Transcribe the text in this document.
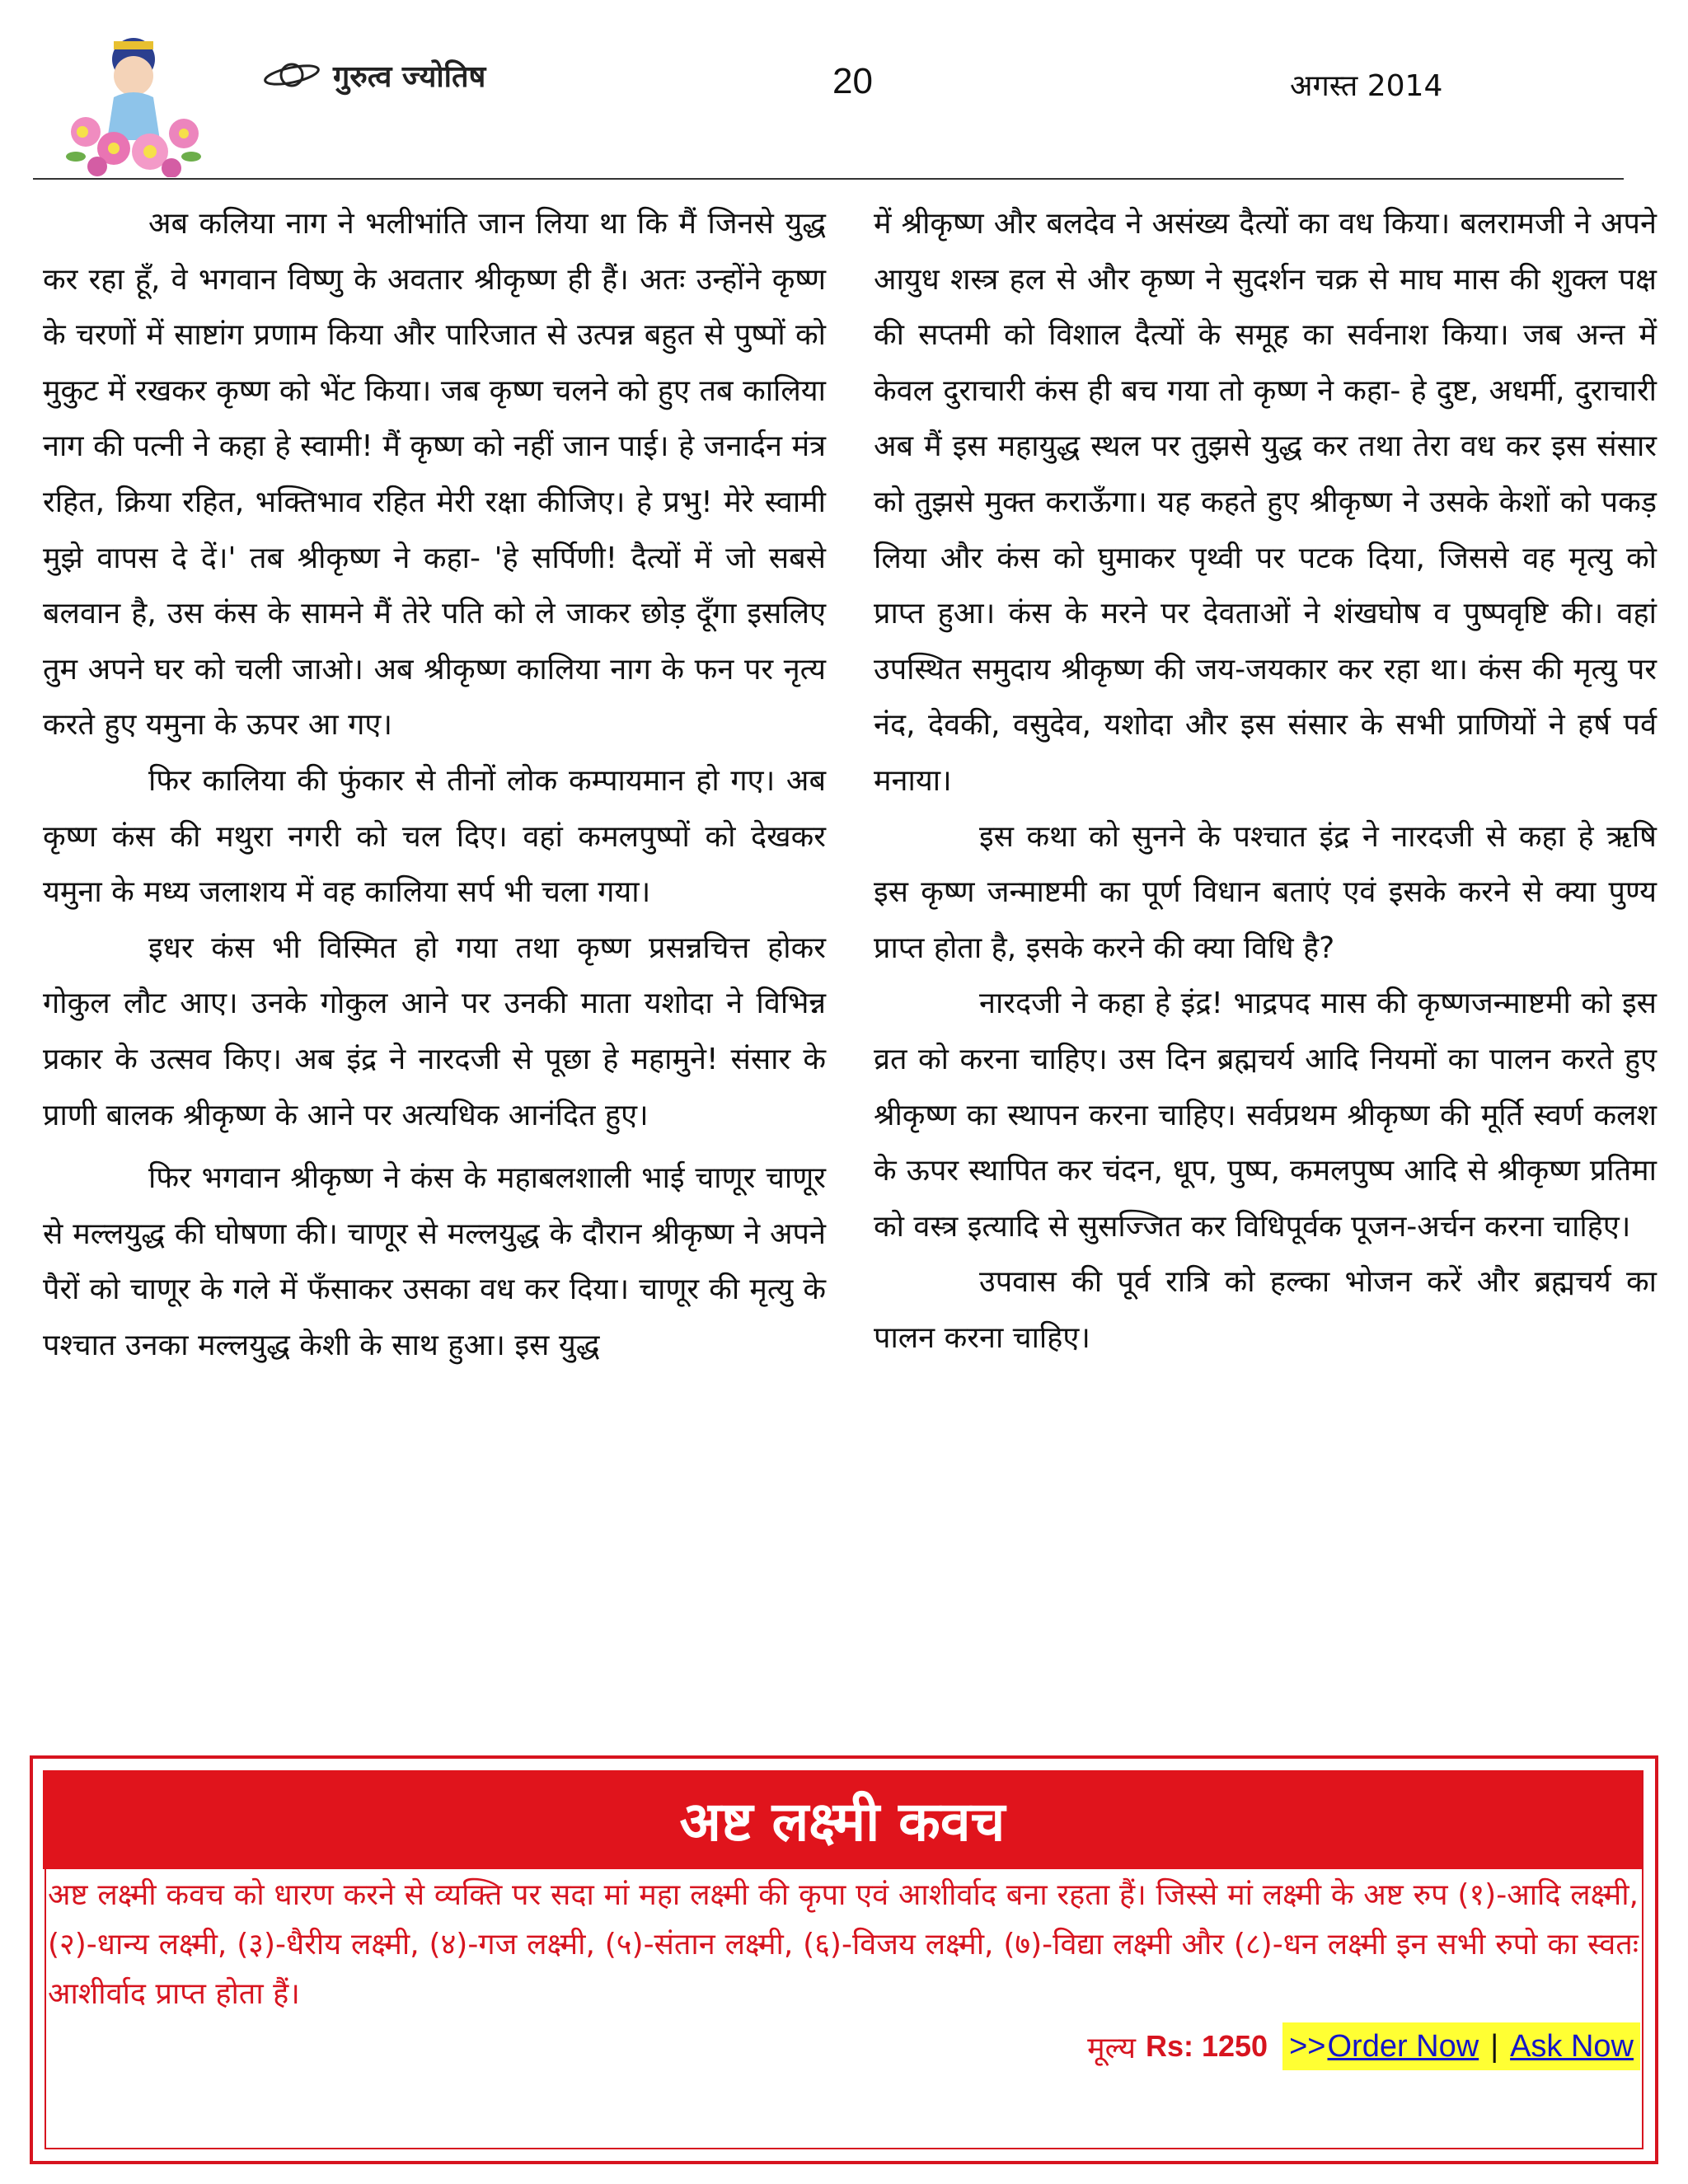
गुरुत्व ज्योतिष	20	अगस्त 2014

अब कलिया नाग ने भलीभांति जान लिया था कि मैं जिनसे युद्ध कर रहा हूँ, वे भगवान विष्णु के अवतार श्रीकृष्ण ही हैं। अतः उन्होंने कृष्ण के चरणों में साष्टांग प्रणाम किया और पारिजात से उत्पन्न बहुत से पुष्पों को मुकुट में रखकर कृष्ण को भेंट किया। जब कृष्ण चलने को हुए तब कालिया नाग की पत्नी ने कहा हे स्वामी! मैं कृष्ण को नहीं जान पाई। हे जनार्दन मंत्र रहित, क्रिया रहित, भक्तिभाव रहित मेरी रक्षा कीजिए। हे प्रभु! मेरे स्वामी मुझे वापस दे दें।' तब श्रीकृष्ण ने कहा- 'हे सर्पिणी! दैत्यों में जो सबसे बलवान है, उस कंस के सामने मैं तेरे पति को ले जाकर छोड़ दूँगा इसलिए तुम अपने घर को चली जाओ। अब श्रीकृष्ण कालिया नाग के फन पर नृत्य करते हुए यमुना के ऊपर आ गए।

फिर कालिया की फुंकार से तीनों लोक कम्पायमान हो गए। अब कृष्ण कंस की मथुरा नगरी को चल दिए। वहां कमलपुष्पों को देखकर यमुना के मध्य जलाशय में वह कालिया सर्प भी चला गया।

इधर कंस भी विस्मित हो गया तथा कृष्ण प्रसन्नचित्त होकर गोकुल लौट आए। उनके गोकुल आने पर उनकी माता यशोदा ने विभिन्न प्रकार के उत्सव किए। अब इंद्र ने नारदजी से पूछा हे महामुने! संसार के प्राणी बालक श्रीकृष्ण के आने पर अत्यधिक आनंदित हुए।

फिर भगवान श्रीकृष्ण ने कंस के महाबलशाली भाई चाणूर चाणूर से मल्लयुद्ध की घोषणा की। चाणूर से मल्लयुद्ध के दौरान श्रीकृष्ण ने अपने पैरों को चाणूर के गले में फँसाकर उसका वध कर दिया। चाणूर की मृत्यु के पश्चात उनका मल्लयुद्ध केशी के साथ हुआ। इस युद्ध

में श्रीकृष्ण और बलदेव ने असंख्य दैत्यों का वध किया। बलरामजी ने अपने आयुध शस्त्र हल से और कृष्ण ने सुदर्शन चक्र से माघ मास की शुक्ल पक्ष की सप्तमी को विशाल दैत्यों के समूह का सर्वनाश किया। जब अन्त में केवल दुराचारी कंस ही बच गया तो कृष्ण ने कहा- हे दुष्ट, अधर्मी, दुराचारी अब मैं इस महायुद्ध स्थल पर तुझसे युद्ध कर तथा तेरा वध कर इस संसार को तुझसे मुक्त कराऊँगा। यह कहते हुए श्रीकृष्ण ने उसके केशों को पकड़ लिया और कंस को घुमाकर पृथ्वी पर पटक दिया, जिससे वह मृत्यु को प्राप्त हुआ। कंस के मरने पर देवताओं ने शंखघोष व पुष्पवृष्टि की। वहां उपस्थित समुदाय श्रीकृष्ण की जय-जयकार कर रहा था। कंस की मृत्यु पर नंद, देवकी, वसुदेव, यशोदा और इस संसार के सभी प्राणियों ने हर्ष पर्व मनाया।

इस कथा को सुनने के पश्चात इंद्र ने नारदजी से कहा हे ऋषि इस कृष्ण जन्माष्टमी का पूर्ण विधान बताएं एवं इसके करने से क्या पुण्य प्राप्त होता है, इसके करने की क्या विधि है?

नारदजी ने कहा हे इंद्र! भाद्रपद मास की कृष्णजन्माष्टमी को इस व्रत को करना चाहिए। उस दिन ब्रह्मचर्य आदि नियमों का पालन करते हुए श्रीकृष्ण का स्थापन करना चाहिए। सर्वप्रथम श्रीकृष्ण की मूर्ति स्वर्ण कलश के ऊपर स्थापित कर चंदन, धूप, पुष्प, कमलपुष्प आदि से श्रीकृष्ण प्रतिमा को वस्त्र इत्यादि से सुसज्जित कर विधिपूर्वक पूजन-अर्चन करना चाहिए।

उपवास की पूर्व रात्रि को हल्का भोजन करें और ब्रह्मचर्य का पालन करना चाहिए।

अष्ट लक्ष्मी कवच
अष्ट लक्ष्मी कवच को धारण करने से व्यक्ति पर सदा मां महा लक्ष्मी की कृपा एवं आशीर्वाद बना रहता हैं। जिस्से मां लक्ष्मी के अष्ट रुप (१)-आदि लक्ष्मी, (२)-धान्य लक्ष्मी, (३)-धैरीय लक्ष्मी, (४)-गज लक्ष्मी, (५)-संतान लक्ष्मी, (६)-विजय लक्ष्मी, (७)-विद्या लक्ष्मी और (८)-धन लक्ष्मी इन सभी रुपो का स्वतः आशीर्वाद प्राप्त होता हैं।
मूल्य Rs: 1250 >> Order Now | Ask Now
